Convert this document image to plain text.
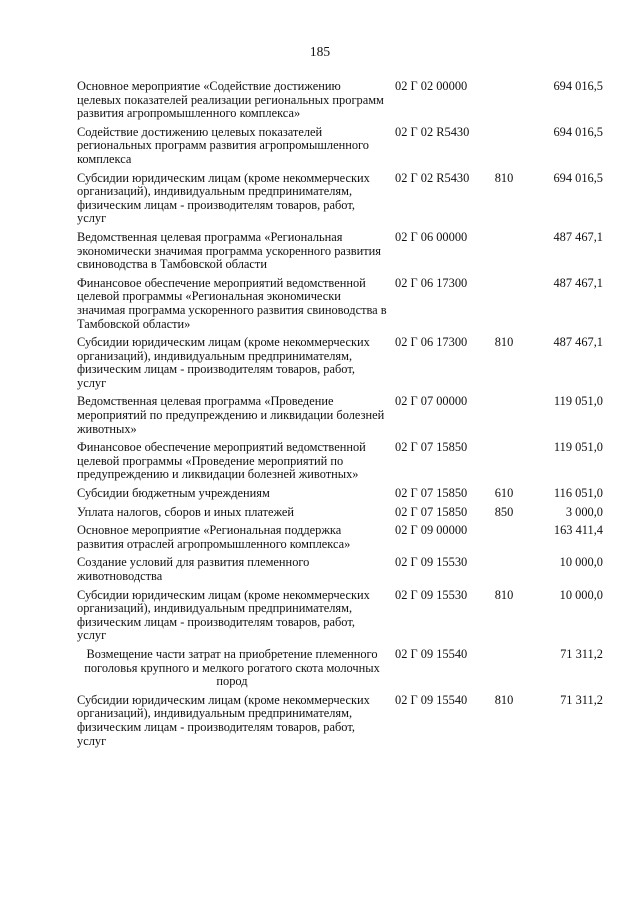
185
Основное мероприятие «Содействие достижению целевых показателей реализации региональных программ развития агропромышленного комплекса»
02 Г 02 00000	694 016,5
Содействие достижению целевых показателей региональных программ развития агропромышленного комплекса
02 Г 02 R5430	694 016,5
Субсидии юридическим лицам (кроме некоммерческих организаций), индивидуальным предпринимателям, физическим лицам - производителям товаров, работ, услуг
02 Г 02 R5430	810	694 016,5
Ведомственная целевая программа «Региональная экономически значимая программа ускоренного развития свиноводства в Тамбовской области
02 Г 06 00000	487 467,1
Финансовое обеспечение мероприятий ведомственной целевой программы «Региональная экономически значимая программа ускоренного развития свиноводства в Тамбовской области»
02 Г 06 17300	487 467,1
Субсидии юридическим лицам (кроме некоммерческих организаций), индивидуальным предпринимателям, физическим лицам - производителям товаров, работ, услуг
02 Г 06 17300	810	487 467,1
Ведомственная целевая программа «Проведение мероприятий по предупреждению и ликвидации болезней животных»
02 Г 07 00000	119 051,0
Финансовое обеспечение мероприятий ведомственной целевой программы «Проведение мероприятий по предупреждению и ликвидации болезней животных»
02 Г 07 15850	119 051,0
Субсидии бюджетным учреждениям	02 Г 07 15850	610	116 051,0
Уплата налогов, сборов и иных платежей	02 Г 07 15850	850	3 000,0
Основное мероприятие «Региональная поддержка развития отраслей агропромышленного комплекса»
02 Г 09 00000	163 411,4
Создание условий для развития племенного животноводства
02 Г 09 15530	10 000,0
Субсидии юридическим лицам (кроме некоммерческих организаций), индивидуальным предпринимателям, физическим лицам - производителям товаров, работ, услуг
02 Г 09 15530	810	10 000,0
Возмещение части затрат на приобретение племенного поголовья крупного и мелкого рогатого скота молочных пород
02 Г 09 15540	71 311,2
Субсидии юридическим лицам (кроме некоммерческих организаций), индивидуальным предпринимателям, физическим лицам - производителям товаров, работ, услуг
02 Г 09 15540	810	71 311,2
